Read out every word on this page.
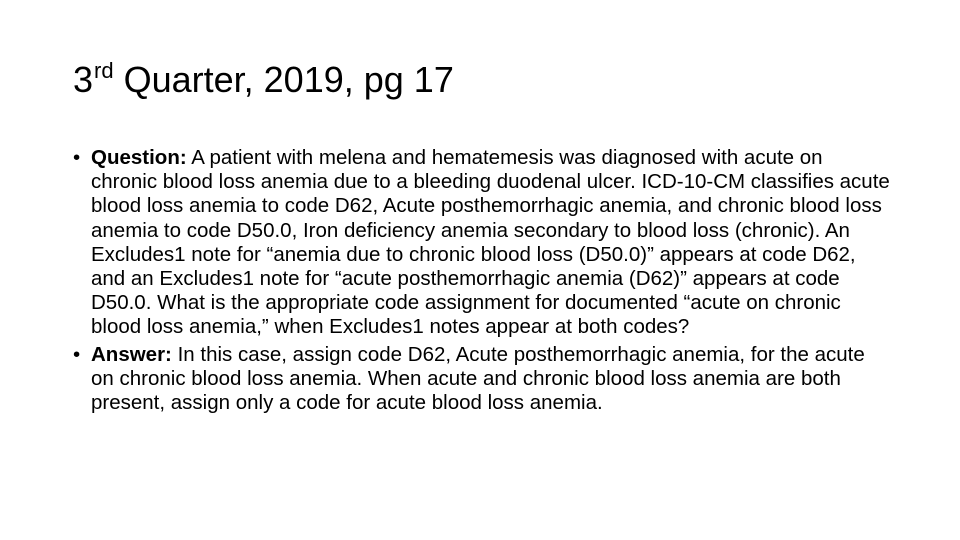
3rd Quarter, 2019, pg 17
• Question: A patient with melena and hematemesis was diagnosed with acute on chronic blood loss anemia due to a bleeding duodenal ulcer. ICD-10-CM classifies acute blood loss anemia to code D62, Acute posthemorrhagic anemia, and chronic blood loss anemia to code D50.0, Iron deficiency anemia secondary to blood loss (chronic). An Excludes1 note for “anemia due to chronic blood loss (D50.0)” appears at code D62, and an Excludes1 note for “acute posthemorrhagic anemia (D62)” appears at code D50.0. What is the appropriate code assignment for documented “acute on chronic blood loss anemia,” when Excludes1 notes appear at both codes?
• Answer: In this case, assign code D62, Acute posthemorrhagic anemia, for the acute on chronic blood loss anemia. When acute and chronic blood loss anemia are both present, assign only a code for acute blood loss anemia.
